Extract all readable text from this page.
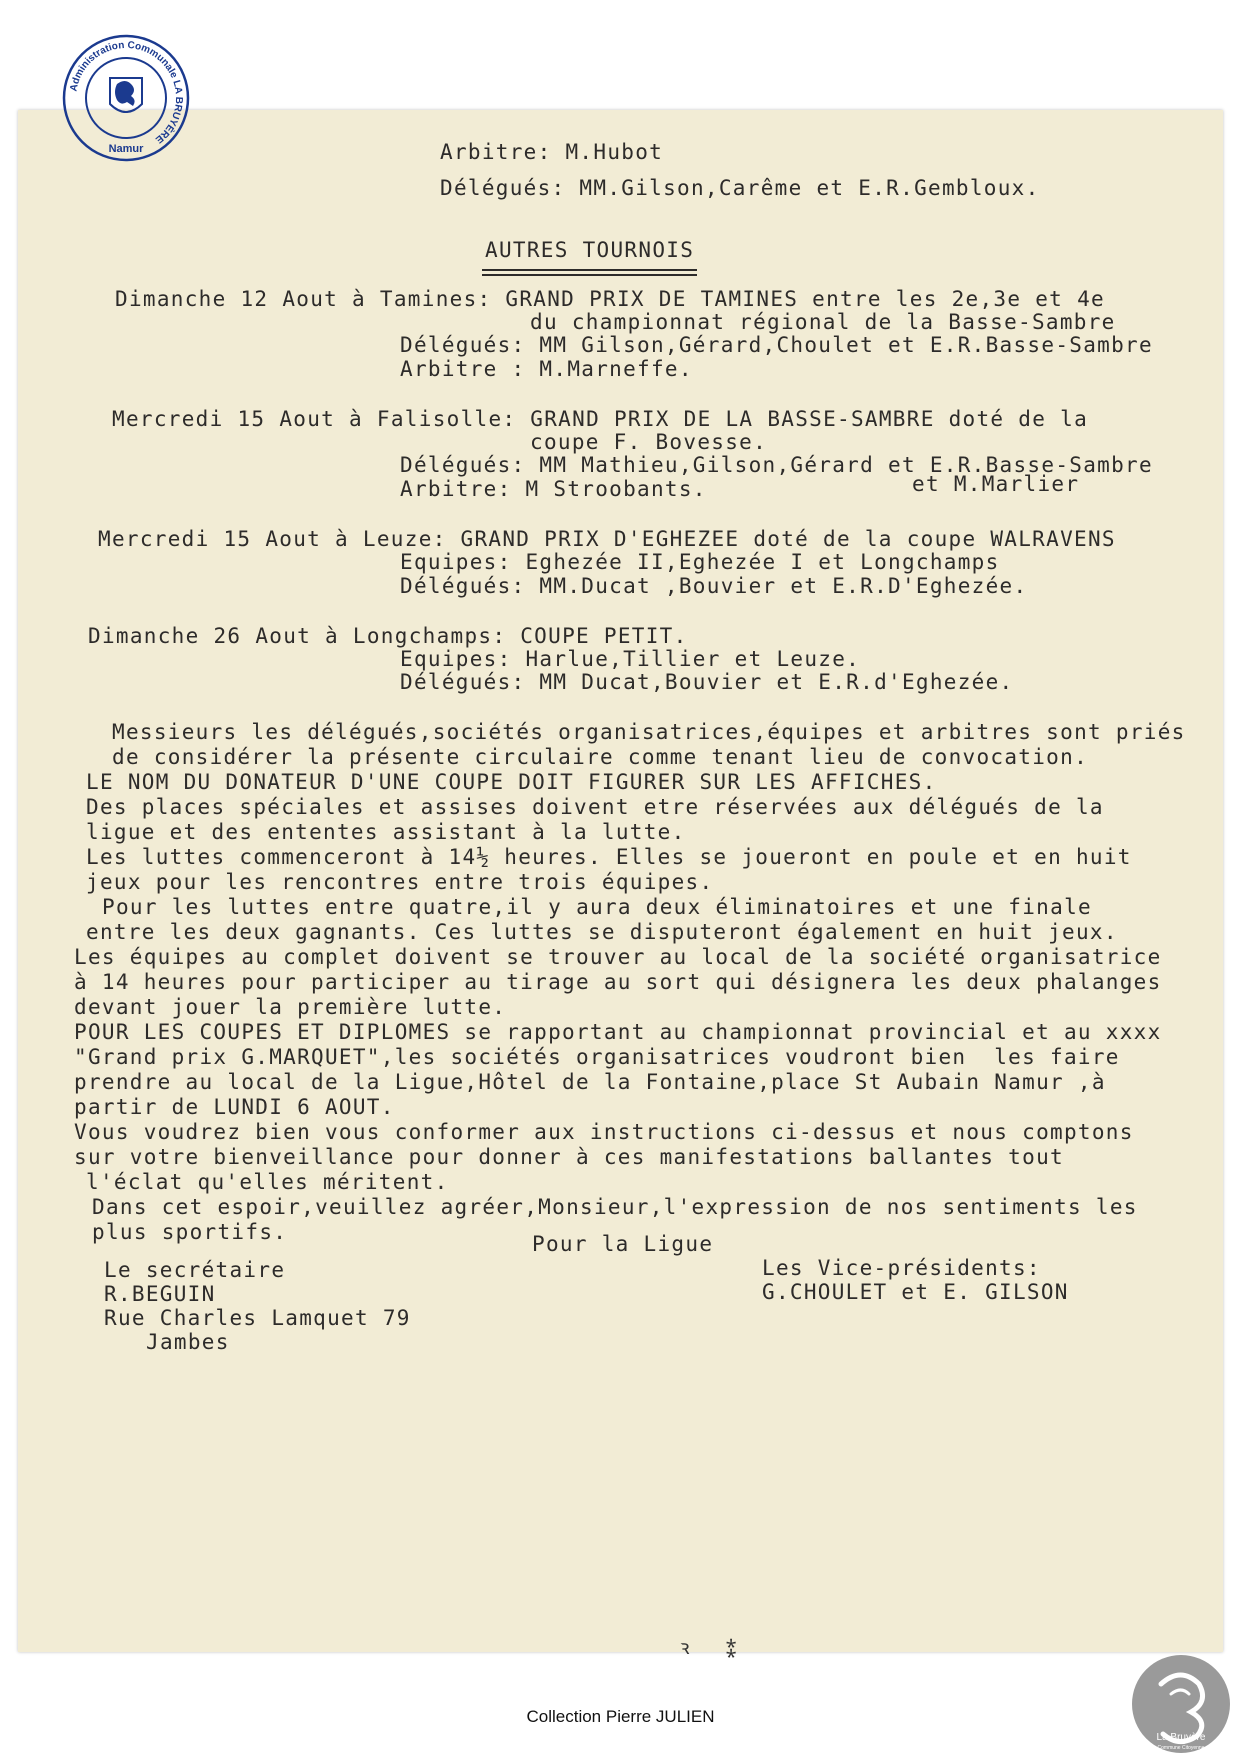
Administration Communale LA BRUYÈRE
Namur	Arbitre: M.Hubot
Délégués: MM.Gilson,Carême et E.R.Gembloux.
AUTRES TOURNOIS
Dimanche 12 Aout à Tamines: GRAND PRIX DE TAMINES entre les 2e,3e et 4e
du championnat régional de la Basse-Sambre
Délégués: MM Gilson,Gérard,Choulet et E.R.Basse-Sambre
Arbitre : M.Marneffe.
Mercredi 15 Aout à Falisolle: GRAND PRIX DE LA BASSE-SAMBRE doté de la
coupe F. Bovesse.
Délégués: MM Mathieu,Gilson,Gérard et E.R.Basse-Sambre
Arbitre: M Stroobants.	et M.Marlier
Mercredi 15 Aout à Leuze: GRAND PRIX D'EGHEZEE doté de la coupe WALRAVENS
Equipes: Eghezée II,Eghezée I et Longchamps
Délégués: MM.Ducat ,Bouvier et E.R.D'Eghezée.
Dimanche 26 Aout à Longchamps: COUPE PETIT.
Equipes: Harlue,Tillier et Leuze.
Délégués: MM Ducat,Bouvier et E.R.d'Eghezée.
Messieurs les délégués,sociétés organisatrices,équipes et arbitres sont priés
de considérer la présente circulaire comme tenant lieu de convocation.
LE NOM DU DONATEUR D'UNE COUPE DOIT FIGURER SUR LES AFFICHES.
Des places spéciales et assises doivent etre réservées aux délégués de la
ligue et des ententes assistant à la lutte.
Les luttes commenceront à 14½ heures. Elles se joueront en poule et en huit
jeux pour les rencontres entre trois équipes.
Pour les luttes entre quatre,il y aura deux éliminatoires et une finale
entre les deux gagnants. Ces luttes se disputeront également en huit jeux.
Les équipes au complet doivent se trouver au local de la société organisatrice
à 14 heures pour participer au tirage au sort qui désignera les deux phalanges
devant jouer la première lutte.
POUR LES COUPES ET DIPLOMES se rapportant au championnat provincial et au xxxx
"Grand prix G.MARQUET",les sociétés organisatrices voudront bien  les faire
prendre au local de la Ligue,Hôtel de la Fontaine,place St Aubain Namur ,à
partir de LUNDI 6 AOUT.
Vous voudrez bien vous conformer aux instructions ci-dessus et nous comptons
sur votre bienveillance pour donner à ces manifestations ballantes tout
l'éclat qu'elles méritent.
Dans cet espoir,veuillez agréer,Monsieur,l'expression de nos sentiments les
plus sportifs.	Pour la Ligue
Le secrétaire
R.BEGUIN
Rue Charles Lamquet 79
Jambes
Les Vice-présidents:
G.CHOULET et E. GILSON
ꝛ   ⁑
Collection Pierre JULIEN
La Bruyère
Commune Citoyenne
